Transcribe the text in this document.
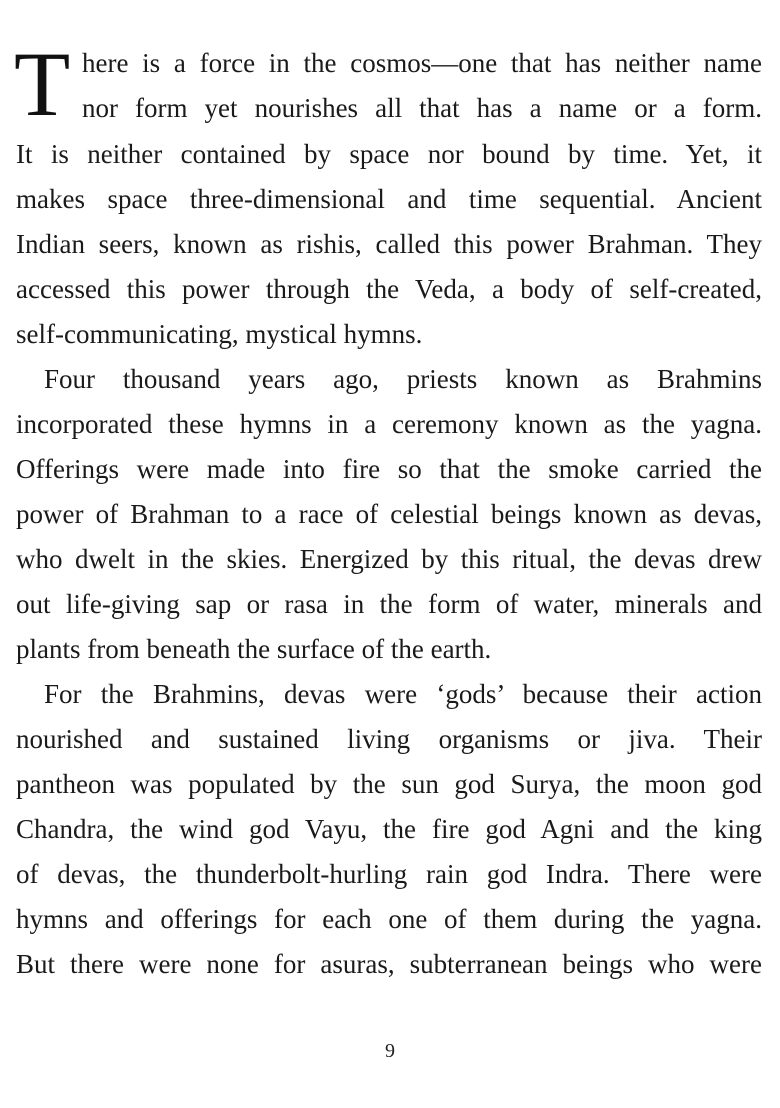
T here is a force in the cosmos—one that has neither name
nor form yet nourishes all that has a name or a form.
It is neither contained by space nor bound by time. Yet, it
makes space three-dimensional and time sequential. Ancient
Indian seers, known as rishis, called this power Brahman. They
accessed this power through the Veda, a body of self-created,
self-communicating, mystical hymns.
Four thousand years ago, priests known as Brahmins
incorporated these hymns in a ceremony known as the yagna.
Offerings were made into fire so that the smoke carried the
power of Brahman to a race of celestial beings known as devas,
who dwelt in the skies. Energized by this ritual, the devas drew
out life-giving sap or rasa in the form of water, minerals and
plants from beneath the surface of the earth.
For the Brahmins, devas were ‘gods’ because their action
nourished and sustained living organisms or jiva. Their
pantheon was populated by the sun god Surya, the moon god
Chandra, the wind god Vayu, the fire god Agni and the king
of devas, the thunderbolt-hurling rain god Indra. There were
hymns and offerings for each one of them during the yagna.
But there were none for asuras, subterranean beings who were
9
